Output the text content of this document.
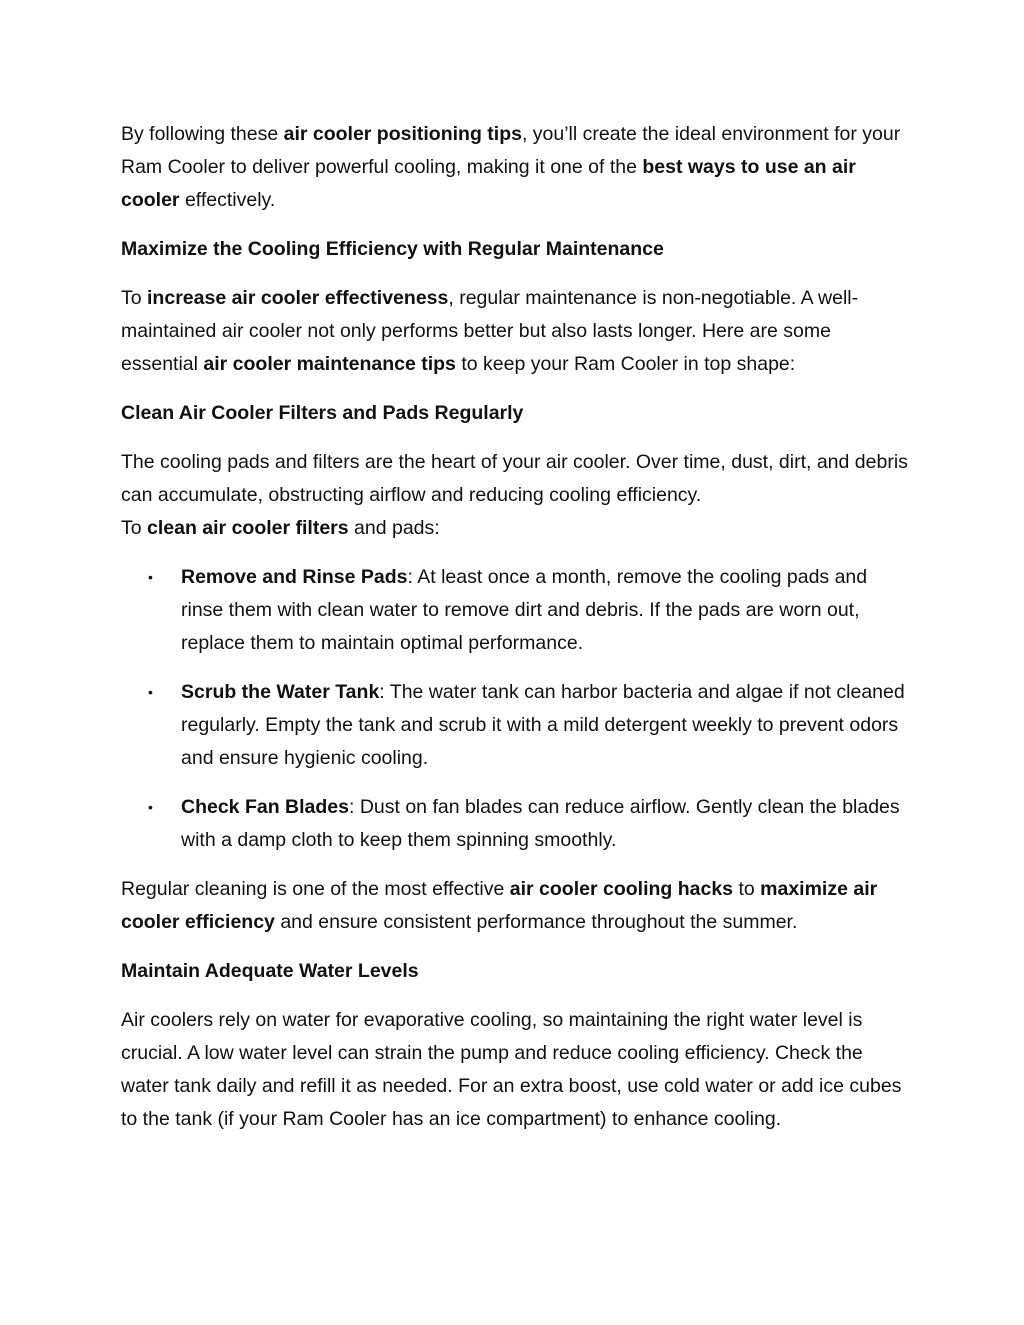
By following these air cooler positioning tips, you’ll create the ideal environment for your Ram Cooler to deliver powerful cooling, making it one of the best ways to use an air cooler effectively.

Maximize the Cooling Efficiency with Regular Maintenance

To increase air cooler effectiveness, regular maintenance is non-negotiable. A well-maintained air cooler not only performs better but also lasts longer. Here are some essential air cooler maintenance tips to keep your Ram Cooler in top shape:

Clean Air Cooler Filters and Pads Regularly

The cooling pads and filters are the heart of your air cooler. Over time, dust, dirt, and debris can accumulate, obstructing airflow and reducing cooling efficiency.
To clean air cooler filters and pads:

• Remove and Rinse Pads: At least once a month, remove the cooling pads and rinse them with clean water to remove dirt and debris. If the pads are worn out, replace them to maintain optimal performance.
• Scrub the Water Tank: The water tank can harbor bacteria and algae if not cleaned regularly. Empty the tank and scrub it with a mild detergent weekly to prevent odors and ensure hygienic cooling.
• Check Fan Blades: Dust on fan blades can reduce airflow. Gently clean the blades with a damp cloth to keep them spinning smoothly.

Regular cleaning is one of the most effective air cooler cooling hacks to maximize air cooler efficiency and ensure consistent performance throughout the summer.

Maintain Adequate Water Levels

Air coolers rely on water for evaporative cooling, so maintaining the right water level is crucial. A low water level can strain the pump and reduce cooling efficiency. Check the water tank daily and refill it as needed. For an extra boost, use cold water or add ice cubes to the tank (if your Ram Cooler has an ice compartment) to enhance cooling.
